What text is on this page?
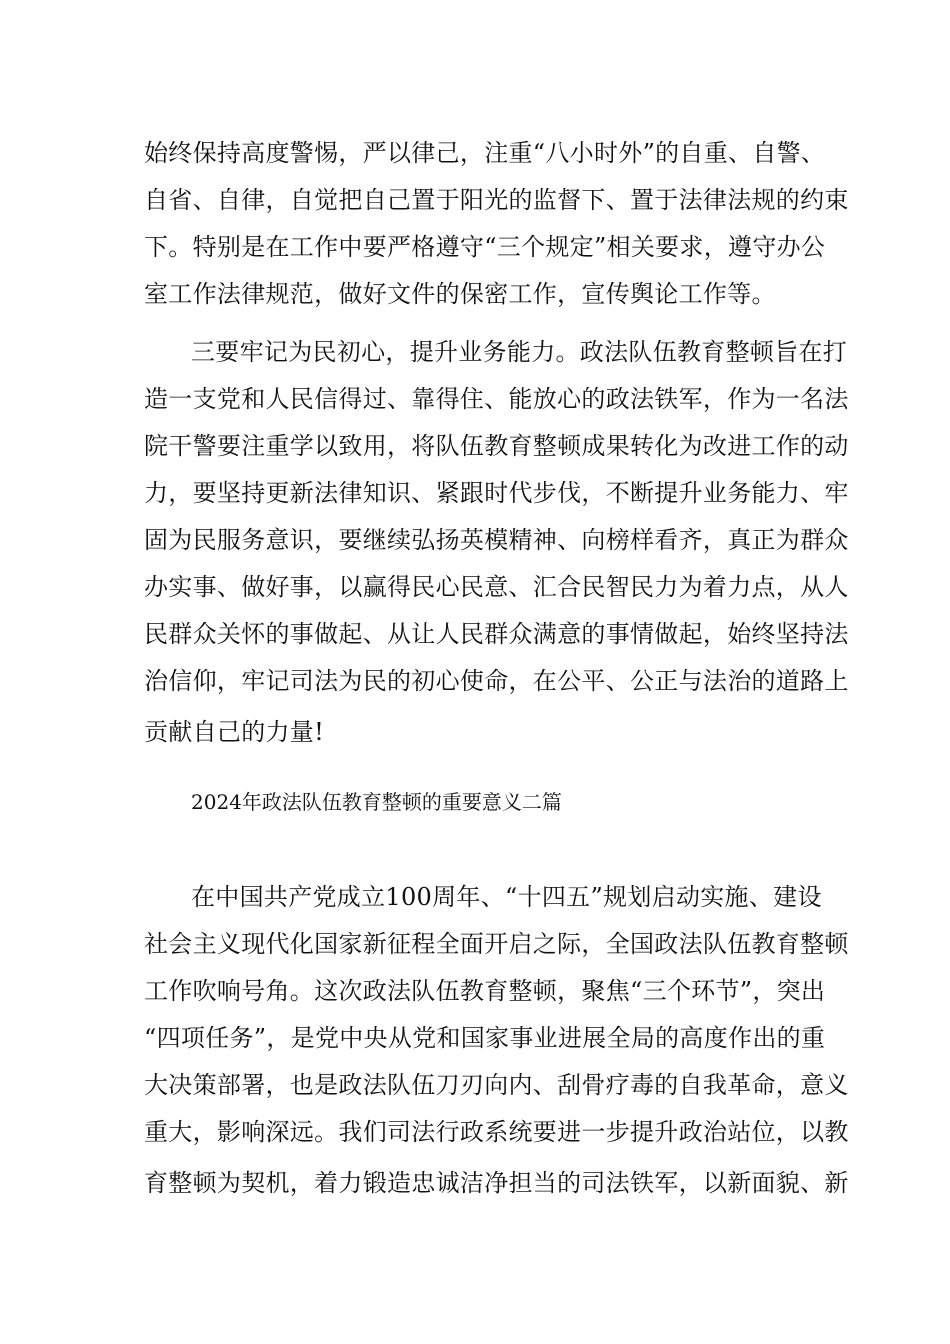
始终保持高度警惕，严以律己，注重“八小时外”的自重、自警、
自省、自律，自觉把自己置于阳光的监督下、置于法律法规的约束
下。特别是在工作中要严格遵守“三个规定”相关要求，遵守办公
室工作法律规范，做好文件的保密工作，宣传舆论工作等。
三要牢记为民初心，提升业务能力。政法队伍教育整顿旨在打
造一支党和人民信得过、靠得住、能放心的政法铁军，作为一名法
院干警要注重学以致用，将队伍教育整顿成果转化为改进工作的动
力，要坚持更新法律知识、紧跟时代步伐，不断提升业务能力、牢
固为民服务意识，要继续弘扬英模精神、向榜样看齐，真正为群众
办实事、做好事，以赢得民心民意、汇合民智民力为着力点，从人
民群众关怀的事做起、从让人民群众满意的事情做起，始终坚持法
治信仰，牢记司法为民的初心使命，在公平、公正与法治的道路上
贡献自己的力量!
2024年政法队伍教育整顿的重要意义二篇
在中国共产党成立100周年、“十四五”规划启动实施、建设
社会主义现代化国家新征程全面开启之际，全国政法队伍教育整顿
工作吹响号角。这次政法队伍教育整顿，聚焦“三个环节”，突出
“四项任务”，是党中央从党和国家事业进展全局的高度作出的重
大决策部署，也是政法队伍刀刃向内、刮骨疗毒的自我革命，意义
重大，影响深远。我们司法行政系统要进一步提升政治站位，以教
育整顿为契机，着力锻造忠诚洁净担当的司法铁军，以新面貌、新
